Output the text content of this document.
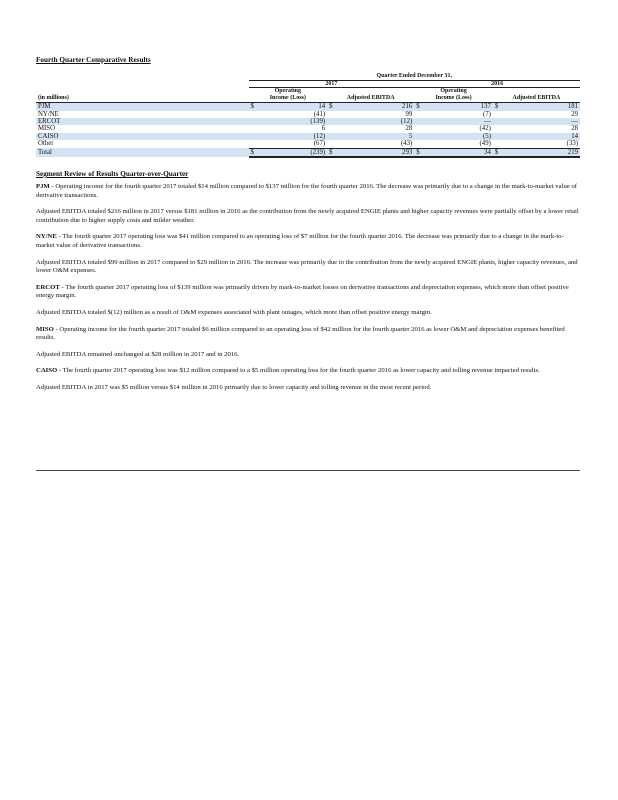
Fourth Quarter Comparative Results

	Quarter Ended December 31,							
	2017				2016			
	Operating				Operating			
(in millions)	Income (Loss)		Adjusted EBITDA		Income (Loss)		Adjusted EBITDA	
PJM	$	14	$	216	$	137	$	181
NY/NE		(41)		99		(7)		29
ERCOT		(139)		(12)		—		—
MISO		6		28		(42)		28
CAISO		(12)		5		(5)		14
Other		(67)		(43)		(49)		(33)
Total	$	(239)	$	293	$	34	$	219

Segment Review of Results Quarter-over-Quarter

PJM - Operating income for the fourth quarter 2017 totaled $14 million compared to $137 million for the fourth quarter 2016. The decrease was primarily due to a change in the mark-to-market value of derivative transactions.

Adjusted EBITDA totaled $216 million in 2017 versus $181 million in 2016 as the contribution from the newly acquired ENGIE plants and higher capacity revenues were partially offset by a lower retail contribution due to higher supply costs and milder weather.

NY/NE - The fourth quarter 2017 operating loss was $41 million compared to an operating loss of $7 million for the fourth quarter 2016. The decrease was primarily due to a change in the mark-to-market value of derivative transactions.

Adjusted EBITDA totaled $99 million in 2017 compared to $29 million in 2016. The increase was primarily due to the contribution from the newly acquired ENGIE plants, higher capacity revenues, and lower O&M expenses.

ERCOT - The fourth quarter 2017 operating loss of $139 million was primarily driven by mark-to-market losses on derivative transactions and depreciation expenses, which more than offset positive energy margin.

Adjusted EBITDA totaled $(12) million as a result of O&M expenses associated with plant outages, which more than offset positive energy margin.

MISO - Operating income for the fourth quarter 2017 totaled $6 million compared to an operating loss of $42 million for the fourth quarter 2016 as lower O&M and depreciation expenses benefited results.

Adjusted EBITDA remained unchanged at $28 million in 2017 and in 2016.

CAISO - The fourth quarter 2017 operating loss was $12 million compared to a $5 million operating loss for the fourth quarter 2016 as lower capacity and tolling revenue impacted results.

Adjusted EBITDA in 2017 was $5 million versus $14 million in 2016 primarily due to lower capacity and tolling revenue in the most recent period.
